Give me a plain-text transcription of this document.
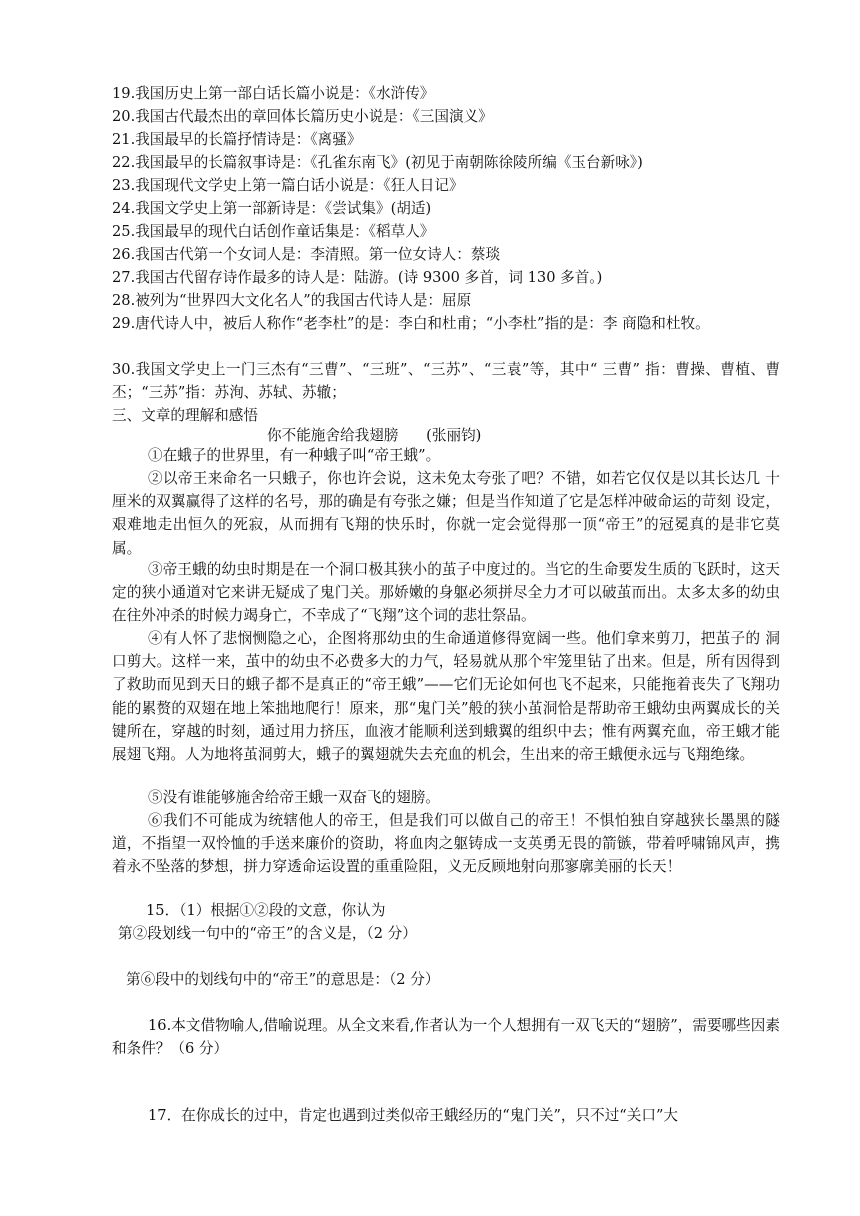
19.我国历史上第一部白话长篇小说是：《水浒传》
20.我国古代最杰出的章回体长篇历史小说是：《三国演义》
21.我国最早的长篇抒情诗是：《离骚》
22.我国最早的长篇叙事诗是：《孔雀东南飞》(初见于南朝陈徐陵所编《玉台新咏》)
23.我国现代文学史上第一篇白话小说是：《狂人日记》
24.我国文学史上第一部新诗是：《尝试集》(胡适)
25.我国最早的现代白话创作童话集是：《稻草人》
26.我国古代第一个女词人是：李清照。第一位女诗人：蔡琰
27.我国古代留存诗作最多的诗人是：陆游。(诗 9300 多首，词 130 多首。)
28.被列为“世界四大文化名人”的我国古代诗人是：屈原
29.唐代诗人中，被后人称作“老李杜”的是：李白和杜甫；“小李杜”指的是：李 商隐和杜牧。
30.我国文学史上一门三杰有“三曹”、“三班”、“三苏”、“三袁”等，其中“ 三曹” 指：曹操、曹植、曹丕；“三苏”指：苏洵、苏轼、苏辙；
三、文章的理解和感悟
你不能施舍给我翅膀      (张丽钧)
①在蛾子的世界里，有一种蛾子叫“帝王蛾”。
②以帝王来命名一只蛾子，你也许会说，这未免太夸张了吧？不错，如若它仅仅是以其长达几 十厘米的双翼赢得了这样的名号，那的确是有夸张之嫌；但是当作知道了它是怎样冲破命运的苛刻 设定，艰难地走出恒久的死寂，从而拥有飞翔的快乐时，你就一定会觉得那一顶“帝王”的冠冕真的是非它莫属。
③帝王蛾的幼虫时期是在一个洞口极其狭小的茧子中度过的。当它的生命要发生质的飞跃时，这天定的狭小通道对它来讲无疑成了鬼门关。那娇嫩的身躯必须拼尽全力才可以破茧而出。太多太多的幼虫在往外冲杀的时候力竭身亡，不幸成了“飞翔”这个词的悲壮祭品。
④有人怀了悲悯恻隐之心，企图将那幼虫的生命通道修得宽阔一些。他们拿来剪刀，把茧子的 洞口剪大。这样一来，茧中的幼虫不必费多大的力气，轻易就从那个牢笼里钻了出来。但是，所有因得到了救助而见到天日的蛾子都不是真正的“帝王蛾”——它们无论如何也飞不起来，只能拖着丧失了飞翔功能的累赘的双翅在地上笨拙地爬行！原来，那“鬼门关”般的狭小茧洞恰是帮助帝王蛾幼虫两翼成长的关键所在，穿越的时刻，通过用力挤压，血液才能顺利送到蛾翼的组织中去；惟有两翼充血，帝王蛾才能展翅飞翔。人为地将茧洞剪大，蛾子的翼翅就失去充血的机会，生出来的帝王蛾便永远与飞翔绝缘。
⑤没有谁能够施舍给帝王蛾一双奋飞的翅膀。
⑥我们不可能成为统辖他人的帝王，但是我们可以做自己的帝王！不惧怕独自穿越狭长墨黑的隧道，不指望一双怜恤的手送来廉价的资助，将血肉之躯铸成一支英勇无畏的箭镞，带着呼啸锦风声，携着永不坠落的梦想，拼力穿透命运设置的重重险阻，义无反顾地射向那寥廓美丽的长天！
15．（1）根据①②段的文意，你认为
第②段划线一句中的“帝王”的含义是，（2 分）
第⑥段中的划线句中的“帝王”的意思是：（2 分）
16.本文借物喻人,借喻说理。从全文来看,作者认为一个人想拥有一双飞天的“翅膀”，需要哪些因素和条件？（6 分）
17．在你成长的过中，肯定也遇到过类似帝王蛾经历的“鬼门关”，只不过“关口”大
